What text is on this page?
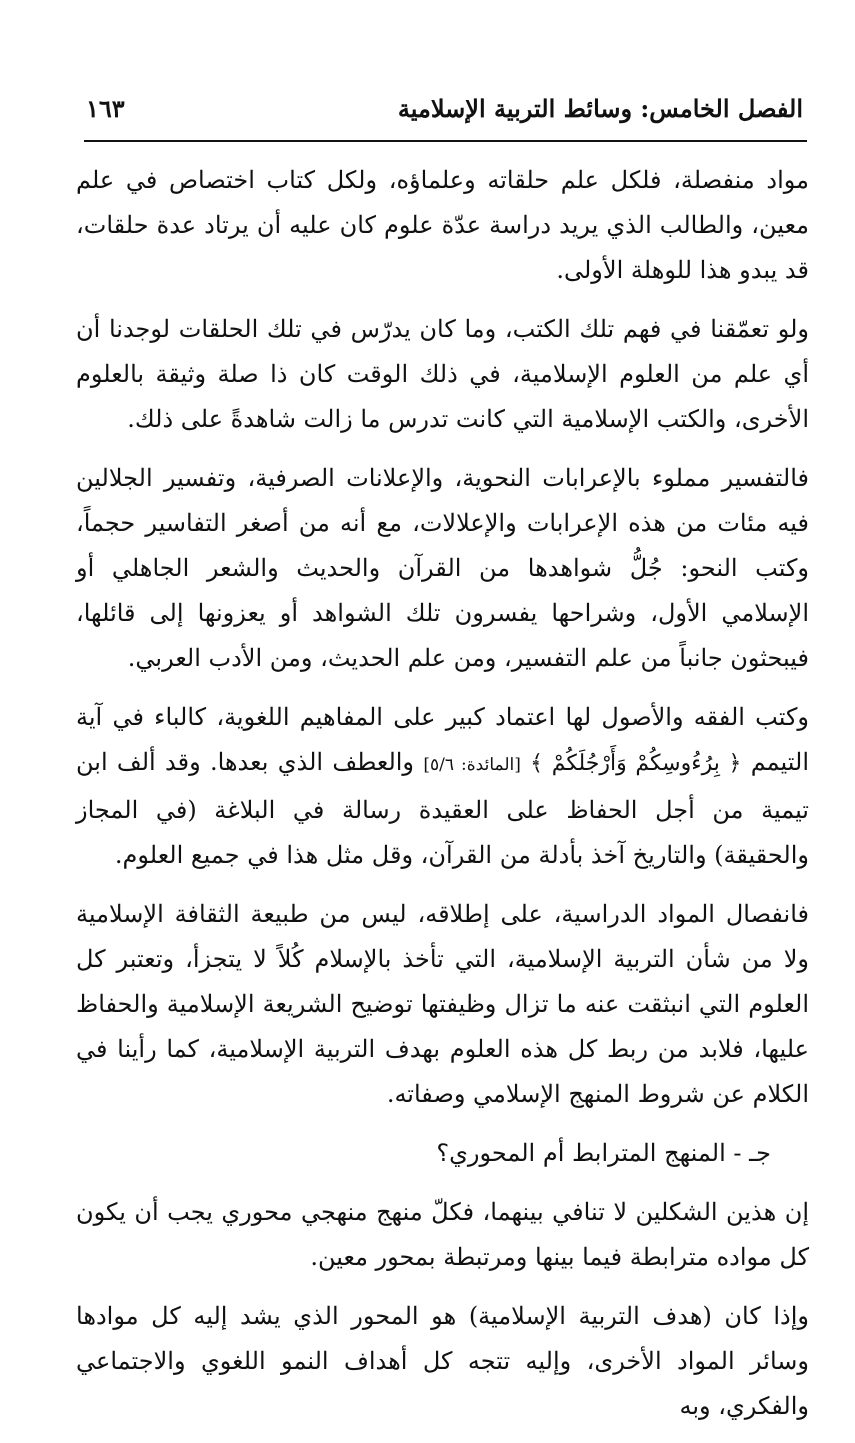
الفصل الخامس: وسائط التربية الإسلامية
١٦٣

مواد منفصلة، فلكل علم حلقاته وعلماؤه، ولكل كتاب اختصاص في علم معين، والطالب الذي يريد دراسة عدّة علوم كان عليه أن يرتاد عدة حلقات، قد يبدو هذا للوهلة الأولى.

ولو تعمّقنا في فهم تلك الكتب، وما كان يدرّس في تلك الحلقات لوجدنا أن أي علم من العلوم الإسلامية، في ذلك الوقت كان ذا صلة وثيقة بالعلوم الأخرى، والكتب الإسلامية التي كانت تدرس ما زالت شاهدةً على ذلك.

فالتفسير مملوء بالإعرابات النحوية، والإعلانات الصرفية، وتفسير الجلالين فيه مئات من هذه الإعرابات والإعلالات، مع أنه من أصغر التفاسير حجماً، وكتب النحو: جُلُّ شواهدها من القرآن والحديث والشعر الجاهلي أو الإسلامي الأول، وشراحها يفسرون تلك الشواهد أو يعزونها إلى قائلها، فيبحثون جانباً من علم التفسير، ومن علم الحديث، ومن الأدب العربي.

وكتب الفقه والأصول لها اعتماد كبير على المفاهيم اللغوية، كالباء في آية التيمم ﴿ بِرُءُوسِكُمْ وَأَرْجُلَكُمْ ﴾ [المائدة: ٥/٦] والعطف الذي بعدها. وقد ألف ابن تيمية من أجل الحفاظ على العقيدة رسالة في البلاغة (في المجاز والحقيقة) والتاريخ آخذ بأدلة من القرآن، وقل مثل هذا في جميع العلوم.

فانفصال المواد الدراسية، على إطلاقه، ليس من طبيعة الثقافة الإسلامية ولا من شأن التربية الإسلامية، التي تأخذ بالإسلام كُلاً لا يتجزأ، وتعتبر كل العلوم التي انبثقت عنه ما تزال وظيفتها توضيح الشريعة الإسلامية والحفاظ عليها، فلابد من ربط كل هذه العلوم بهدف التربية الإسلامية، كما رأينا في الكلام عن شروط المنهج الإسلامي وصفاته.

جـ - المنهج المترابط أم المحوري؟

إن هذين الشكلين لا تنافي بينهما، فكلّ منهج منهجي محوري يجب أن يكون كل مواده مترابطة فيما بينها ومرتبطة بمحور معين.

وإذا كان (هدف التربية الإسلامية) هو المحور الذي يشد إليه كل موادها وسائر المواد الأخرى، وإليه تتجه كل أهداف النمو اللغوي والاجتماعي والفكري، وبه
